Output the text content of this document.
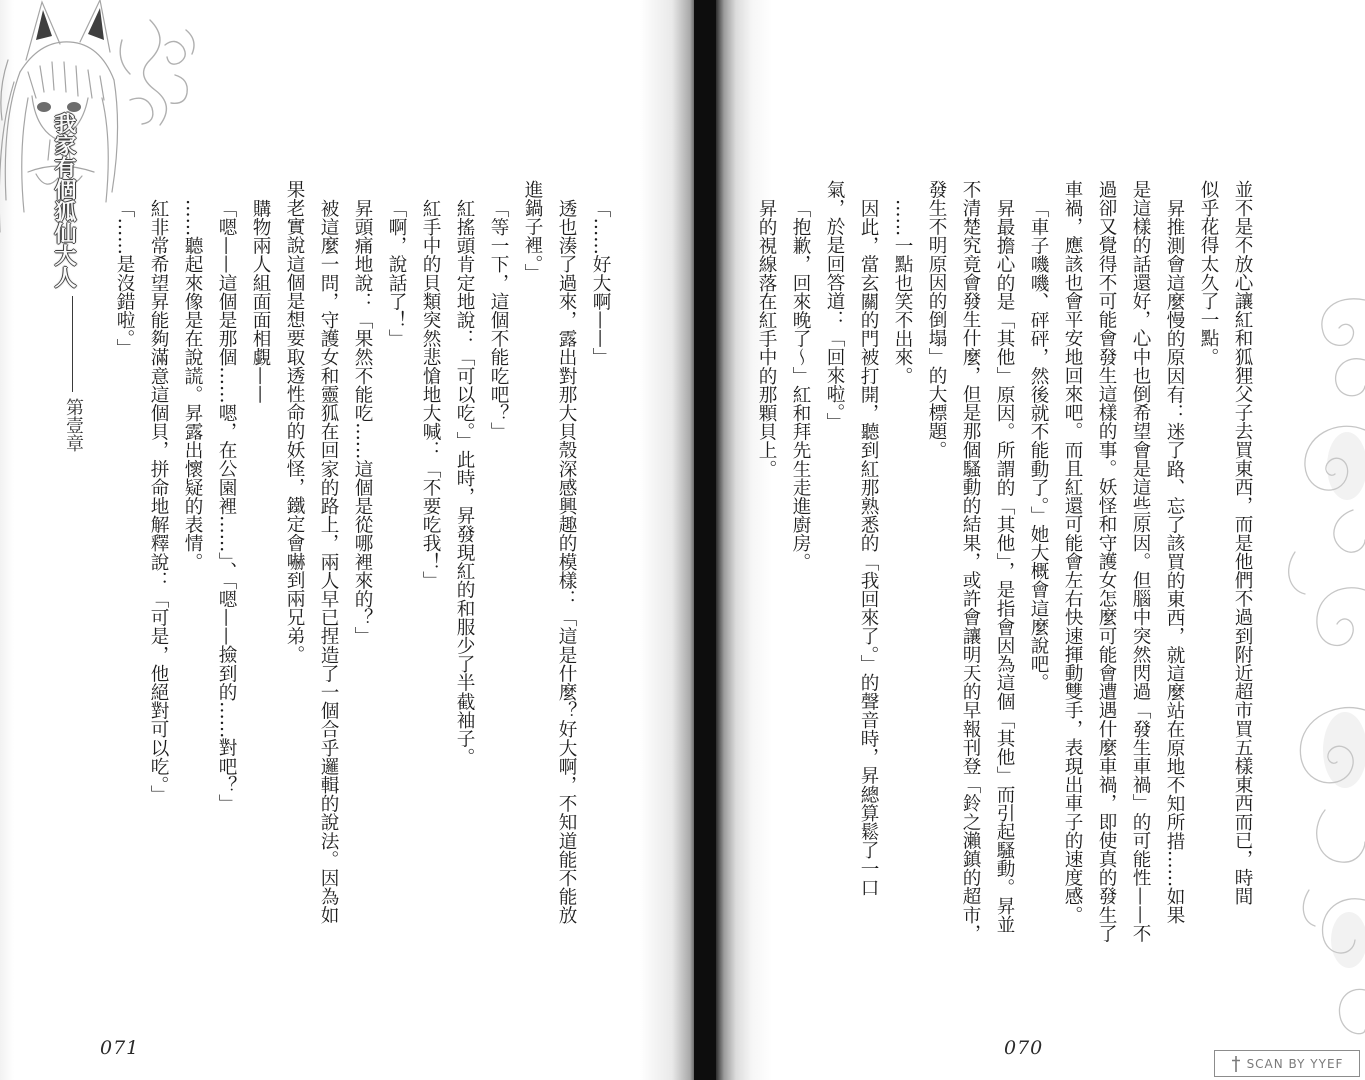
我家有個狐仙大人
第壹章
「……好大啊——」
透也湊了過來，露出對那大貝殼深感興趣的模樣：「這是什麼？好大啊，不知道能不能放
進鍋子裡。」
「等一下，這個不能吃吧？」
紅搖頭肯定地說：「可以吃。」此時，昇發現紅的和服少了半截袖子。
紅手中的貝類突然悲愴地大喊：「不要吃我！」
「啊，說話了！」
昇頭痛地說：「果然不能吃……這個是從哪裡來的？」
被這麼一問，守護女和靈狐在回家的路上，兩人早已捏造了一個合乎邏輯的說法。因為如
果老實說這個是想要取透性命的妖怪，鐵定會嚇到兩兄弟。
購物兩人組面面相覷——
「嗯——這個是那個……嗯，在公園裡……」、「嗯——撿到的……對吧？」
……聽起來像是在說謊。昇露出懷疑的表情。
紅非常希望昇能夠滿意這個貝，拼命地解釋說：「可是，他絕對可以吃。」
「……是沒錯啦。」
071
並不是不放心讓紅和狐狸父子去買東西，而是他們不過到附近超市買五樣東西而已，時間
似乎花得太久了一點。
昇推測會這麼慢的原因有：迷了路、忘了該買的東西，就這麼站在原地不知所措……如果
是這樣的話還好，心中也倒希望會是這些原因。但腦中突然閃過「發生車禍」的可能性——不
過卻又覺得不可能會發生這樣的事。妖怪和守護女怎麼可能會遭遇什麼車禍，即使真的發生了
車禍，應該也會平安地回來吧。而且紅還可能會左右快速揮動雙手，表現出車子的速度感。
「車子嘰嘰、砰砰，然後就不能動了。」她大概會這麼說吧。
昇最擔心的是「其他」原因。所謂的「其他」，是指會因為這個「其他」而引起騷動。昇並
不清楚究竟會發生什麼，但是那個騷動的結果，或許會讓明天的早報刊登「鈴之瀨鎮的超市，
發生不明原因的倒塌」的大標題。
……一點也笑不出來。
因此，當玄關的門被打開，聽到紅那熟悉的「我回來了。」的聲音時，昇總算鬆了一口
氣，於是回答道：「回來啦。」
「抱歉，回來晚了～」紅和拜先生走進廚房。
昇的視線落在紅手中的那顆貝上。
070
SCAN BY YYEF
